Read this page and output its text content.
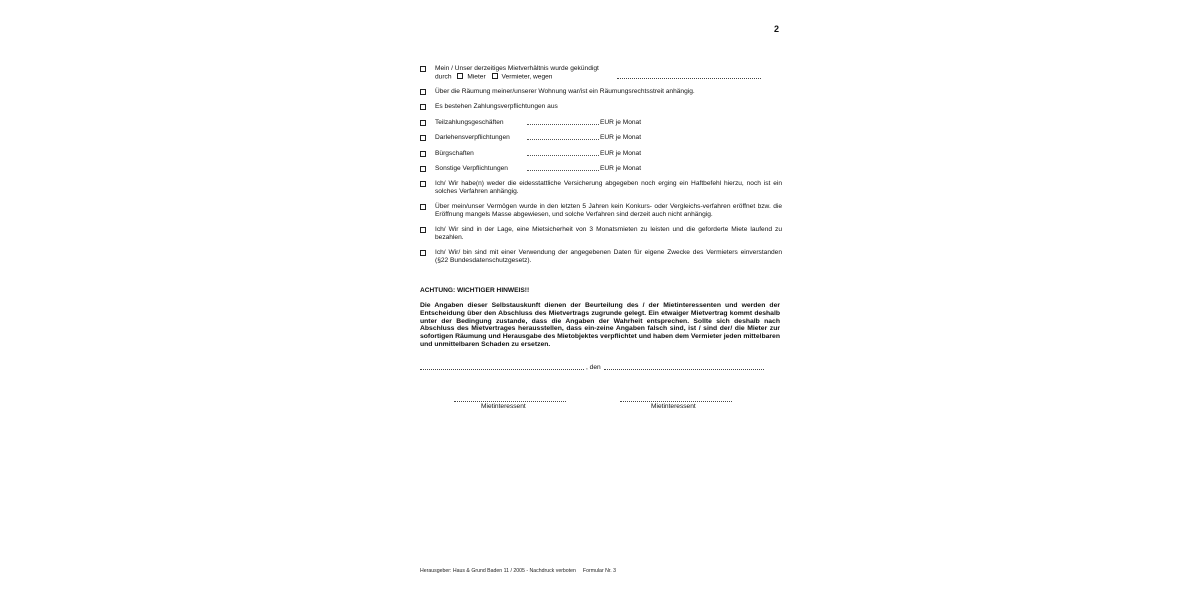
2
Mein / Unser derzeitiges Mietverhältnis wurde gekündigt
durch Mieter Vermieter, wegen
Über die Räumung meiner/unserer Wohnung war/ist ein Räumungsrechtsstreit anhängig.
Es bestehen Zahlungsverpflichtungen aus
Teilzahlungsgeschäften	EUR je Monat
Darlehensverpflichtungen	EUR je Monat
Bürgschaften	EUR je Monat
Sonstige Verpflichtungen	EUR je Monat
Ich/ Wir habe(n) weder die eidesstattliche Versicherung abgegeben noch erging ein Haftbefehl hierzu, noch ist ein solches Verfahren anhängig.
Über mein/unser Vermögen wurde in den letzten 5 Jahren kein Konkurs- oder Vergleichs-verfahren eröffnet bzw. die Eröffnung mangels Masse abgewiesen, und solche Verfahren sind derzeit auch nicht anhängig.
Ich/ Wir sind in der Lage, eine Mietsicherheit von 3 Monatsmieten zu leisten und die geforderte Miete laufend zu bezahlen.
Ich/ Wir/ bin sind mit einer Verwendung der angegebenen Daten für eigene Zwecke des Vermieters einverstanden (§22 Bundesdatenschutzgesetz).
ACHTUNG: WICHTIGER HINWEIS!!
Die Angaben dieser Selbstauskunft dienen der Beurteilung des / der Mietinteressenten und werden der Entscheidung über den Abschluss des Mietvertrags zugrunde gelegt. Ein etwaiger Mietvertrag kommt deshalb unter der Bedingung zustande, dass die Angaben der Wahrheit entsprechen. Sollte sich deshalb nach Abschluss des Mietvertrages herausstellen, dass ein-zeine Angaben falsch sind, ist / sind der/ die Mieter zur sofortigen Räumung und Herausgabe des Mietobjektes verpflichtet und haben dem Vermieter jeden mittelbaren und unmittelbaren Schaden zu ersetzen.
, den
Mietinteressent	Mietinteressent
Herausgeber: Haus & Grund Baden 11 / 2005 - Nachdruck verboten Formular Nr. 3
